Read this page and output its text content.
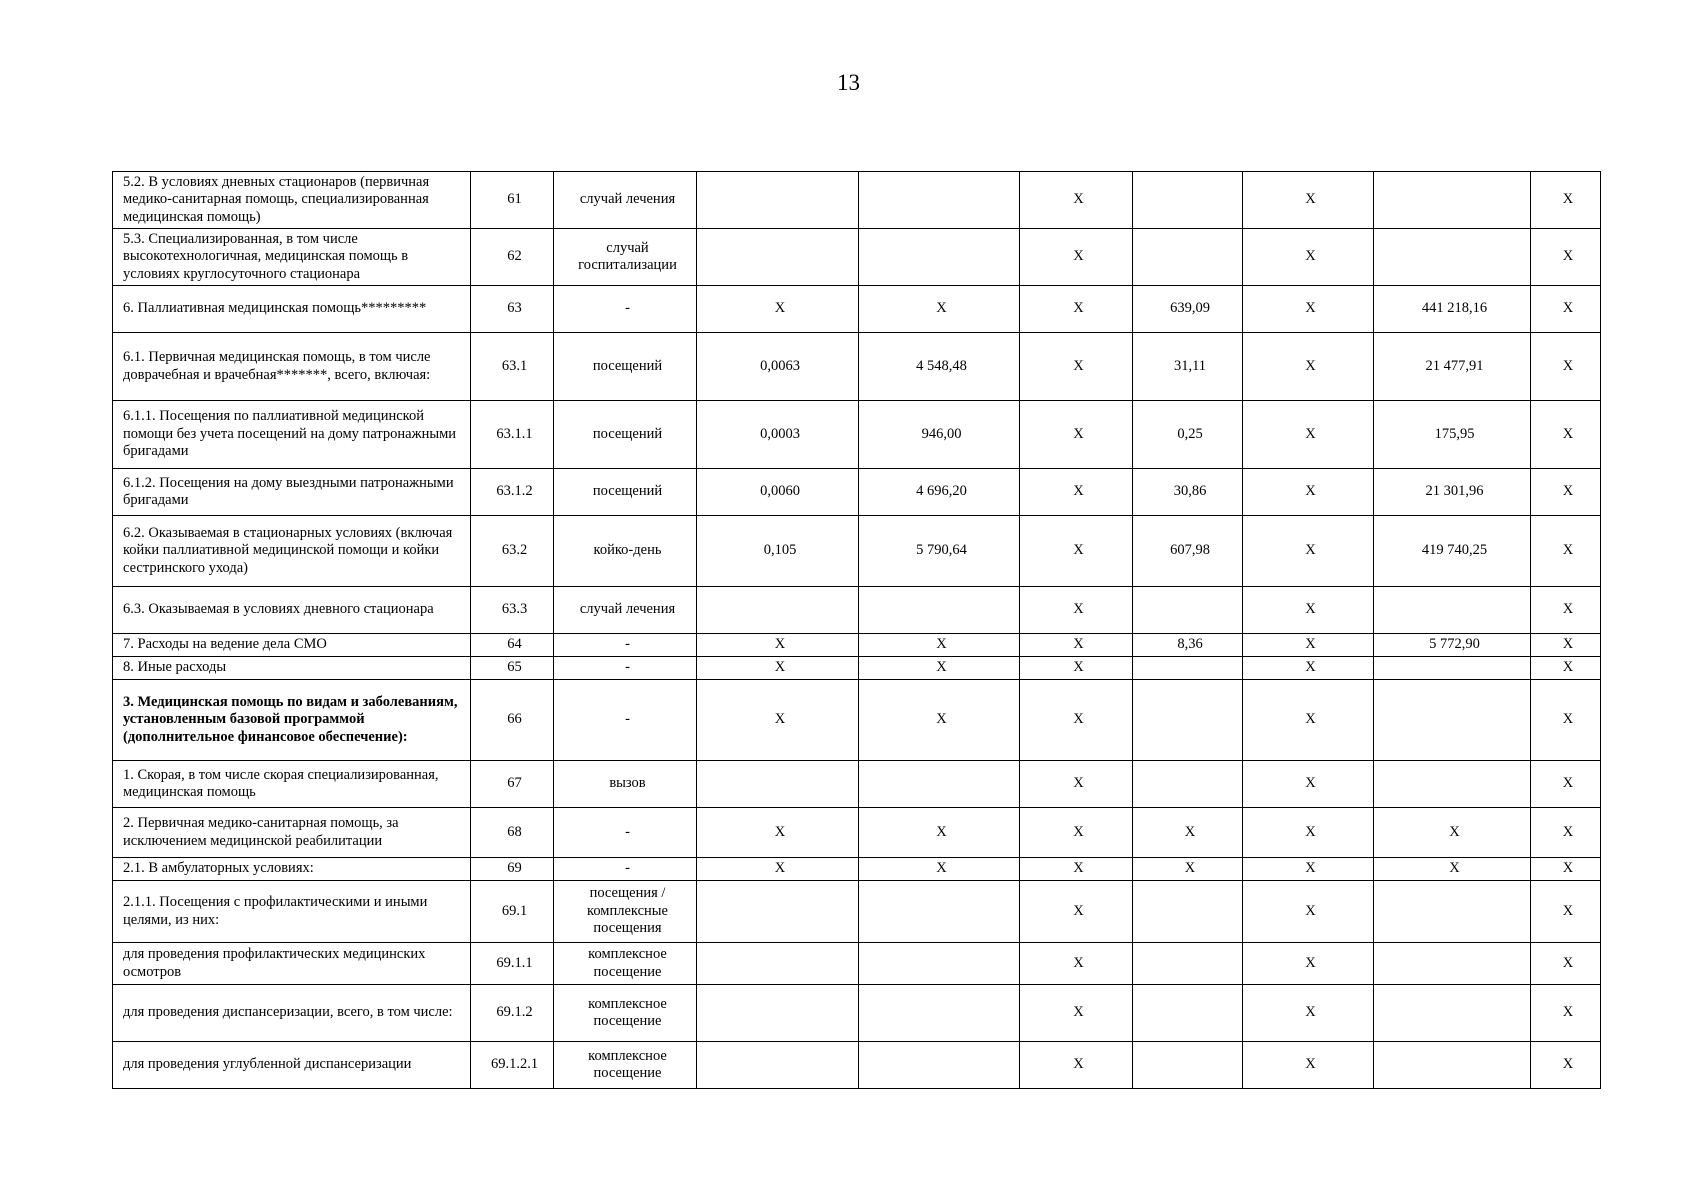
13
5.2. В условиях дневных стационаров (первичная медико-санитарная помощь, специализированная медицинская помощь)	61	случай лечения			X		X		X
5.3. Специализированная, в том числе высокотехнологичная, медицинская помощь в условиях круглосуточного стационара	62	случай госпитализации			X		X		X
6. Паллиативная медицинская помощь*********	63	-	X	X	X	639,09	X	441 218,16	X
6.1. Первичная медицинская помощь, в том числе доврачебная и врачебная*******, всего, включая:	63.1	посещений	0,0063	4 548,48	X	31,11	X	21 477,91	X
6.1.1. Посещения по паллиативной медицинской помощи без учета посещений на дому патронажными бригадами	63.1.1	посещений	0,0003	946,00	X	0,25	X	175,95	X
6.1.2. Посещения на дому выездными патронажными бригадами	63.1.2	посещений	0,0060	4 696,20	X	30,86	X	21 301,96	X
6.2. Оказываемая в стационарных условиях (включая койки паллиативной медицинской помощи и койки сестринского ухода)	63.2	койко-день	0,105	5 790,64	X	607,98	X	419 740,25	X
6.3. Оказываемая в условиях дневного стационара	63.3	случай лечения			X		X		X
7. Расходы на ведение дела СМО	64	-	X	X	X	8,36	X	5 772,90	X
8. Иные расходы	65	-	X	X	X		X		X
3. Медицинская помощь по видам и заболеваниям, установленным базовой программой (дополнительное финансовое обеспечение):	66	-	X	X	X		X		X
1. Скорая, в том числе скорая специализированная, медицинская помощь	67	вызов			X		X		X
2. Первичная медико-санитарная помощь, за исключением медицинской реабилитации	68	-	X	X	X	X	X	X	X
2.1. В амбулаторных условиях:	69	-	X	X	X	X	X	X	X
2.1.1. Посещения с профилактическими и иными целями, из них:	69.1	посещения / комплексные посещения			X		X		X
для проведения профилактических медицинских осмотров	69.1.1	комплексное посещение			X		X		X
для проведения диспансеризации, всего, в том числе:	69.1.2	комплексное посещение			X		X		X
для проведения углубленной диспансеризации	69.1.2.1	комплексное посещение			X		X		X
